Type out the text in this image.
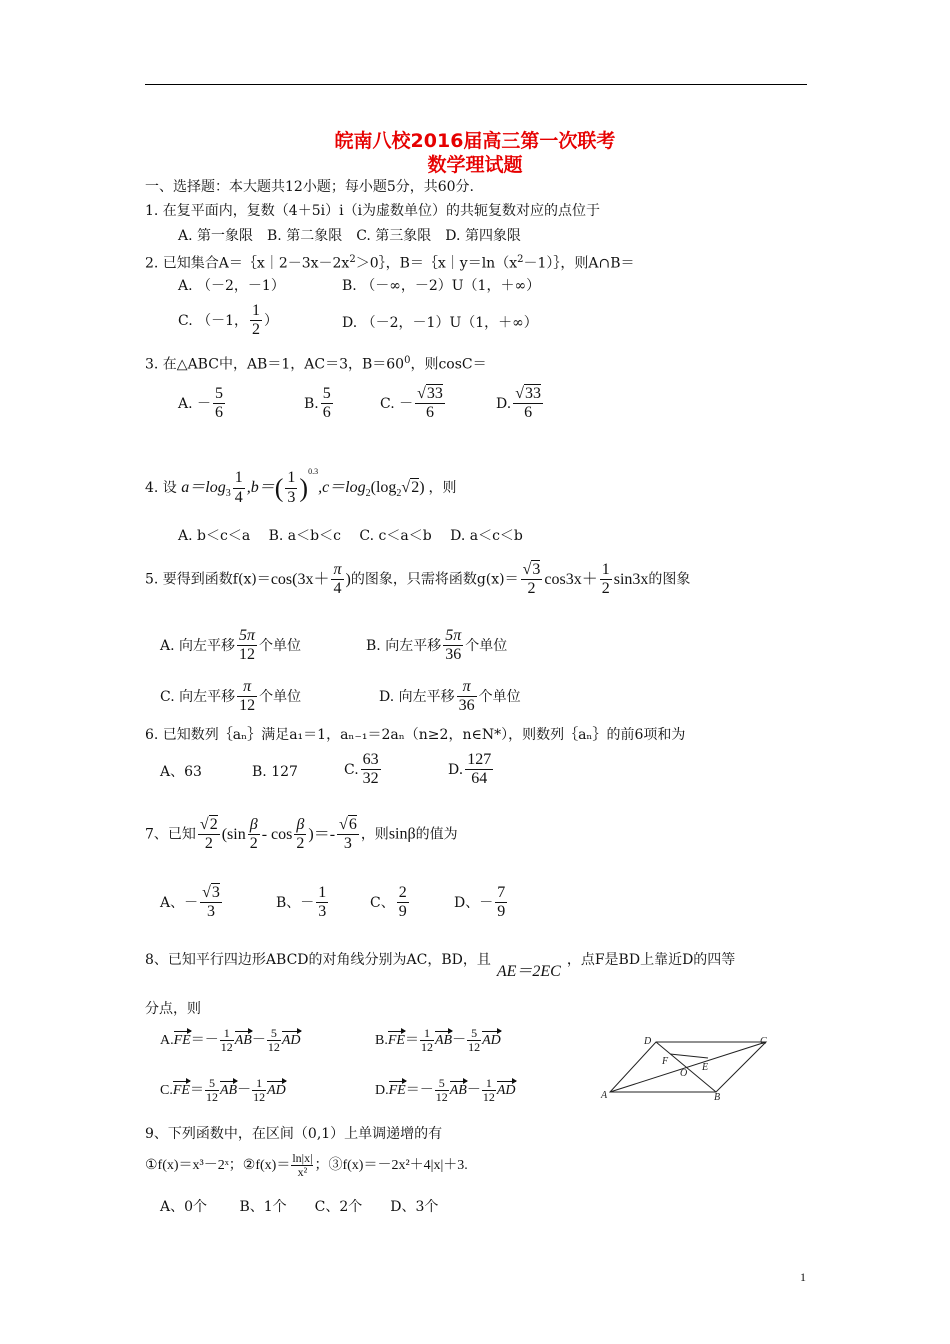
皖南八校2016届高三第一次联考
数学理试题
一、选择题：本大题共12小题；每小题5分，共60分.
1. 在复平面内，复数（4＋5i）i（i为虚数单位）的共轭复数对应的点位于
A. 第一象限　B. 第二象限　C. 第三象限　D. 第四象限
2. 已知集合$A=\{x|2-3x-2x^2>0\}$，$B=\{x|y=\ln(x^2-1)\}$，则A∩B＝
A. （－2，－1）	B. （－∞，－2）U（1，＋∞）
C. （－1， $\frac{1}{2}$ ）	D. （－2，－1）U（1，＋∞）
3. 在△ABC中，AB＝1，AC＝3，$B=60^0$，则cosC＝
A. － $\frac{5}{6}$	B. $\frac{5}{6}$	C. － $\frac{√33}{6}$	D. $\frac{√33}{6}$
4. 设 $a=\log_3 \frac{1}{4} ,b=( \frac{1}{3} )^{0.3},c=\log_2(\log_2√2)$ ，则
A. b＜c＜a　 B. a＜b＜c　 C. c＜a＜b　 D. a＜c＜b
5. 要得到函数$f(x)=\cos(3x+ \frac{\pi}{4}$ )的图象，只需将函数$g(x)= \frac{√3}{2} \cos 3x+ \frac{1}{2} \sin 3x$的图象
A. 向左平移 $\frac{5\pi}{12}$ 个单位	B. 向左平移 $\frac{5\pi}{36}$ 个单位
C. 向左平移 $\frac{\pi}{12}$ 个单位	D. 向左平移 $\frac{\pi}{36}$ 个单位
6. 已知数列｛aₙ｝满足a₁＝1，aₙ₋₁＝2aₙ（n≥2，n∈N*），则数列｛aₙ｝的前6项和为
A、63	B. 127	C. $\frac{63}{32}$	D. $\frac{127}{64}$
7、已知 $\frac{√2}{2} (\sin \frac{\beta}{2}$ - $\cos \frac{\beta}{2}$ )＝- $\frac{√6}{3}$ ，则sinβ的值为
A、－ $\frac{√3}{3}$	B、－ $\frac{1}{3}$	C、 $\frac{2}{9}$	D、－ $\frac{7}{9}$
8、已知平行四边形ABCD的对角线分别为AC，BD，且AE＝2EC，点F是BD上靠近D的四等
分点，则
$A.FE=- \frac{1}{12} AB- \frac{5}{12}$ AD	$B.FE= \frac{1}{12} AB- \frac{5}{12}$ AD
$C.FE= \frac{5}{12} AB- \frac{1}{12}$ AD	$D.FE=- \frac{5}{12} AB- \frac{1}{12}$ AD	A	B
C
D
E
F
O
9、下列函数中，在区间（0,1）上单调递增的有
①f(x)＝x³－2ˣ；②f(x)＝ $\frac{\ln|x|}{\text{x²}}$ ；③f(x)＝－2x²＋4|x|＋3.
A、0个　　 B、1个　　C、2个　　D、3个
1
